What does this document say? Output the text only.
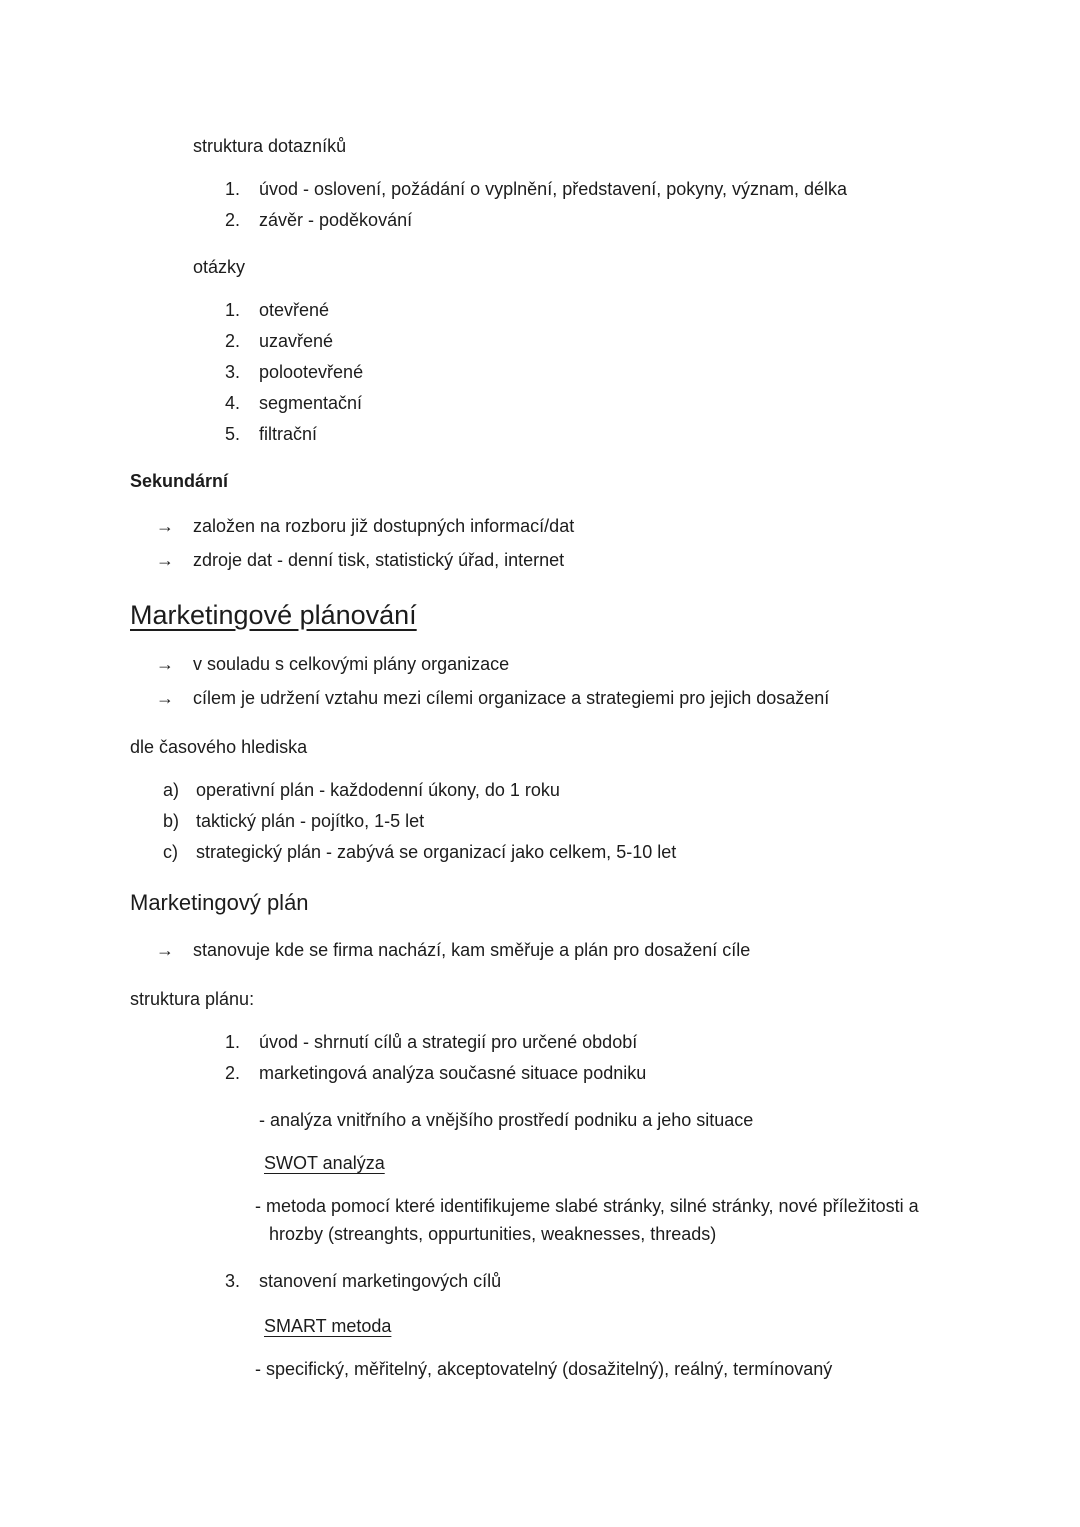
struktura dotazníků
1.	úvod - oslovení, požádání o vyplnění, představení, pokyny, význam, délka
2.	závěr - poděkování
otázky
1.	otevřené
2.	uzavřené
3.	polootevřené
4.	segmentační
5.	filtrační
Sekundární
→	založen na rozboru již dostupných informací/dat
→	zdroje dat - denní tisk, statistický úřad, internet
Marketingové plánování
→	v souladu s celkovými plány organizace
→	cílem je udržení vztahu mezi cílemi organizace a strategiemi pro jejich dosažení
dle časového hlediska
a) operativní plán - každodenní úkony, do 1 roku
b) taktický plán - pojítko, 1-5 let
c)	strategický plán - zabývá se organizací jako celkem, 5-10 let
Marketingový plán
→	stanovuje kde se firma nachází, kam směřuje a plán pro dosažení cíle
struktura plánu:
1.	úvod - shrnutí cílů a strategií pro určené období
2.	marketingová analýza současné situace podniku
- analýza vnitřního a vnějšího prostředí podniku a jeho situace
SWOT analýza
- metoda pomocí které identifikujeme slabé stránky, silné stránky, nové příležitosti a hrozby (streanghts, oppurtunities, weaknesses, threads)
3.	stanovení marketingových cílů
SMART metoda
- specifický, měřitelný, akceptovatelný (dosažitelný), reálný, termínovaný
